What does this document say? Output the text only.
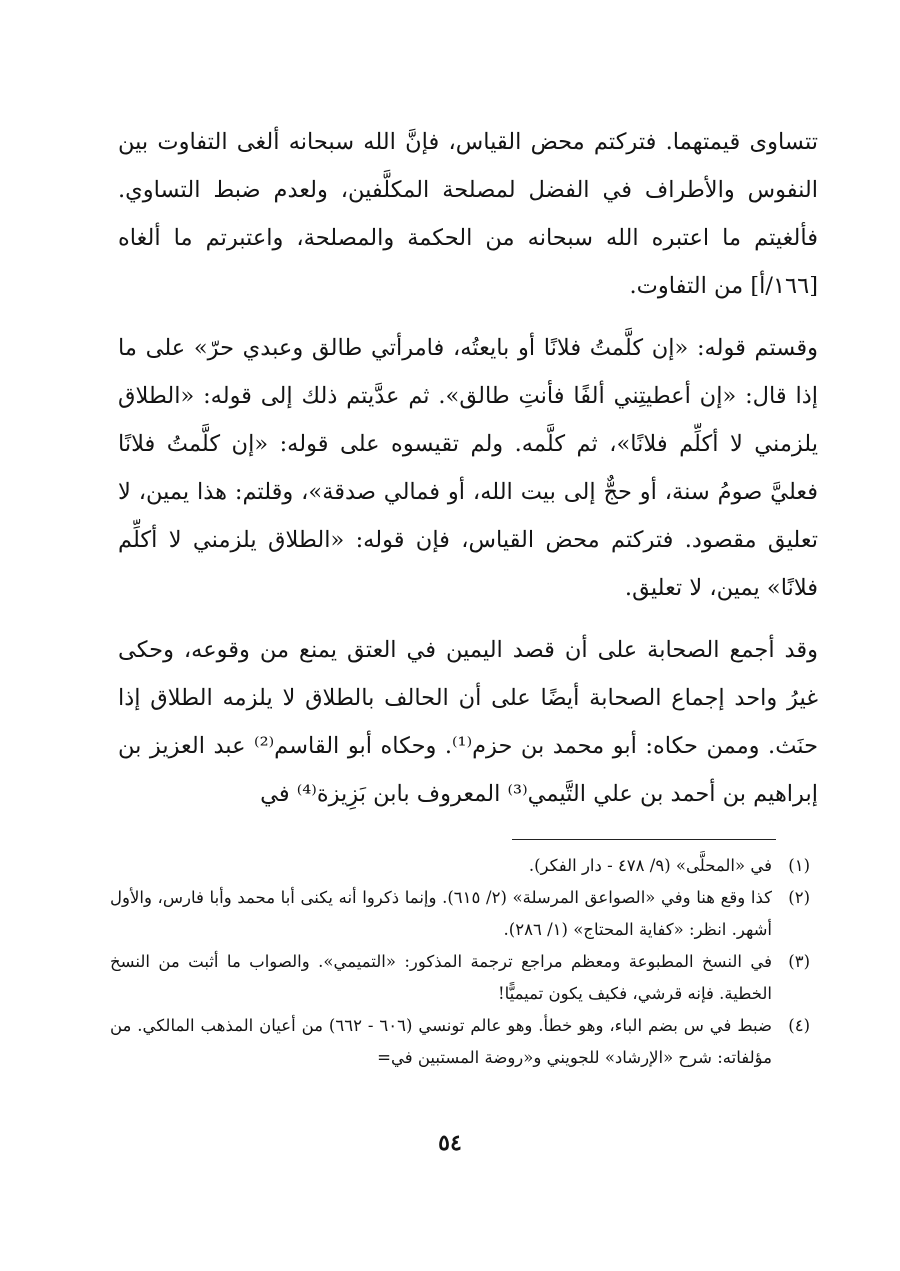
تتساوى قيمتهما. فتركتم محض القياس، فإنَّ الله سبحانه ألغى التفاوت بين النفوس والأطراف في الفضل لمصلحة المكلَّفين، ولعدم ضبط التساوي. فألغيتم ما اعتبره الله سبحانه من الحكمة والمصلحة، واعتبرتم ما ألغاه [١٦٦/أ] من التفاوت.

وقستم قوله: «إن كلَّمتُ فلانًا أو بايعتُه، فامرأتي طالق وعبدي حرّ» على ما إذا قال: «إن أعطيتِني ألفًا فأنتِ طالق». ثم عدَّيتم ذلك إلى قوله: «الطلاق يلزمني لا أكلِّم فلانًا»، ثم كلَّمه. ولم تقيسوه على قوله: «إن كلَّمتُ فلانًا فعليَّ صومُ سنة، أو حجٌّ إلى بيت الله، أو فمالي صدقة»، وقلتم: هذا يمين، لا تعليق مقصود. فتركتم محض القياس، فإن قوله: «الطلاق يلزمني لا أكلِّم فلانًا» يمين، لا تعليق.

وقد أجمع الصحابة على أن قصد اليمين في العتق يمنع من وقوعه، وحكى غيرُ واحد إجماع الصحابة أيضًا على أن الحالف بالطلاق لا يلزمه الطلاق إذا حنَث. وممن حكاه: أبو محمد بن حزم⁽¹⁾. وحكاه أبو القاسم⁽²⁾ عبد العزيز بن إبراهيم بن أحمد بن علي التَّيمي⁽³⁾ المعروف بابن بَزِيزة⁽⁴⁾ في

(١)
في «المحلَّى» (٩/ ٤٧٨ - دار الفكر).
(٢)
كذا وقع هنا وفي «الصواعق المرسلة» (٢/ ٦١٥). وإنما ذكروا أنه يكنى أبا محمد وأبا فارس، والأول أشهر. انظر: «كفاية المحتاج» (١/ ٢٨٦).
(٣)
في النسخ المطبوعة ومعظم مراجع ترجمة المذكور: «التميمي». والصواب ما أثبت من النسخ الخطية. فإنه قرشي، فكيف يكون تميميًّا!
(٤)
ضبط في س بضم الباء، وهو خطأ. وهو عالم تونسي (٦٠٦ - ٦٦٢) من أعيان المذهب المالكي. من مؤلفاته: شرح «الإرشاد» للجويني و«روضة المستبين في=
٥٤
